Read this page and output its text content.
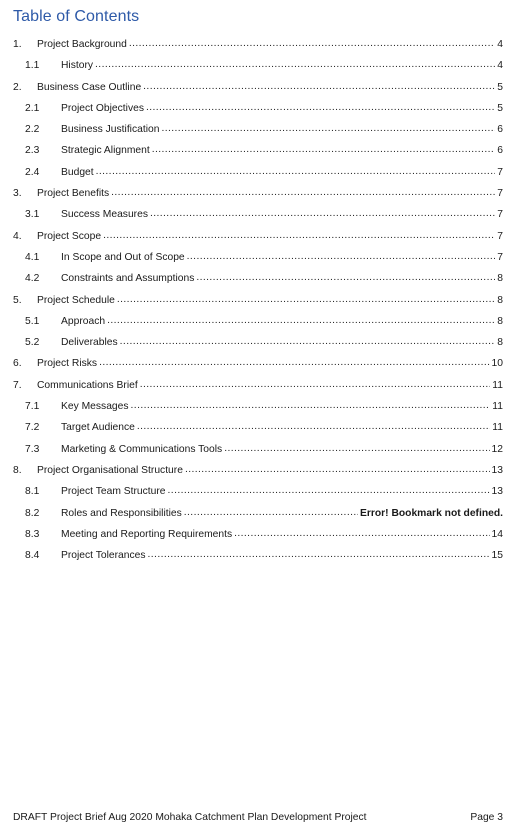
Table of Contents
1.	Project Background .....	4
1.1	History .....	4
2.	Business Case Outline .....	5
2.1	Project Objectives .....	5
2.2	Business Justification .....	6
2.3	Strategic Alignment .....	6
2.4	Budget .....	7
3.	Project Benefits .....	7
3.1	Success Measures .....	7
4.	Project Scope .....	7
4.1	In Scope and Out of Scope .....	7
4.2	Constraints and Assumptions .....	8
5.	Project Schedule .....	8
5.1	Approach .....	8
5.2	Deliverables .....	8
6.	Project Risks .....	10
7.	Communications Brief .....	11
7.1	Key Messages .....	11
7.2	Target Audience .....	11
7.3	Marketing & Communications Tools .....	12
8.	Project Organisational Structure .....	13
8.1	Project Team Structure .....	13
8.2	Roles and Responsibilities .....	Error! Bookmark not defined.
8.3	Meeting and Reporting Requirements .....	14
8.4	Project Tolerances .....	15
DRAFT Project Brief Aug 2020 Mohaka Catchment Plan Development Project	Page 3
